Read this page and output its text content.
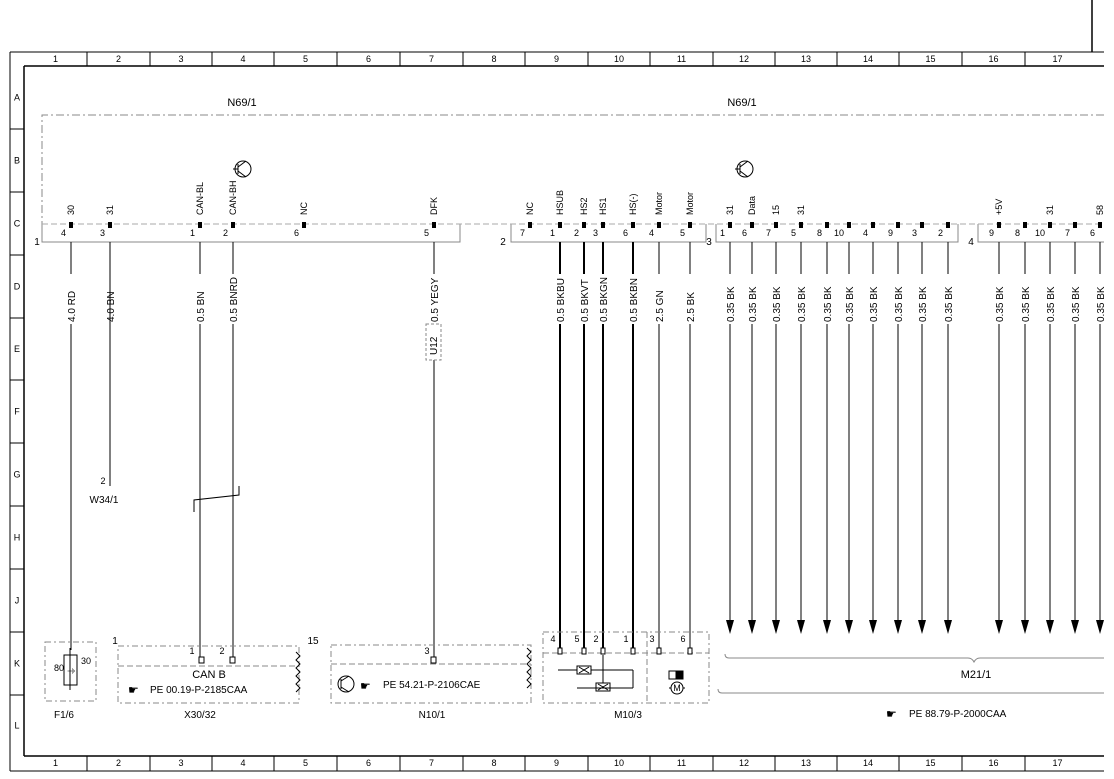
1	2	3	4	5	6	7	8	9	10	11	12	13	14	15	16	17
1	2	3	4	5	6	7	8	9	10	11	12	13	14	15	16	17
A
B
C
D
E
F
G
H
J
K
L
N69/1	N69/1
1	2	3	4
30
4
31
3
CAN-BL
1
CAN-BH
2
NC
6
DFK
5
NC
7
HSUB
1
HS2
2
HS1
3
HS(-)
6
Motor
4
Motor
5
31
1
Data
6
15
7
31
5 8 10 4 9 3 2
+5V
9 8
31
10 7
58
6
4.0 RD	4.0 BN	0.5 BN 0.5 BNRD	0.5 YEGY	0.5 BKBU 0.5 BKVT 0.5 BKGN 0.5 BKBN 2.5 GN 2.5 BK	0.35 BK 0.35 BK 0.35 BK 0.35 BK 0.35 BK 0.35 BK 0.35 BK 0.35 BK 0.35 BK 0.35 BK	0.35 BK 0.35 BK 0.35 BK 0.35 BK 0.35 BK
2
W34/1
U12
⏚
80
30
F1/6
1	15
1	2
CAN B
☛ PE 00.19-P-2185CAA
X30/32
3
☛ PE 54.21-P-2106CAE
N10/1
4 5 2	1 3	6
M
M10/3
M21/1
☛ PE 88.79-P-2000CAA
